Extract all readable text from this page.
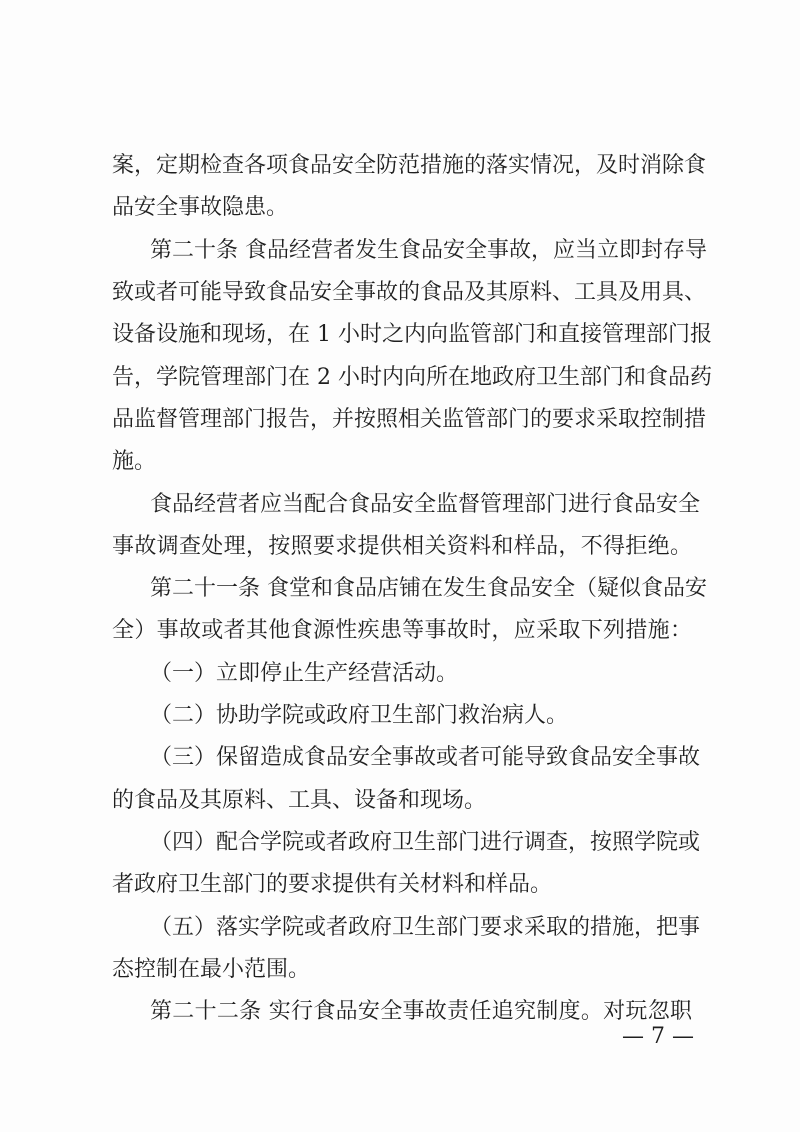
案，定期检查各项食品安全防范措施的落实情况，及时消除食
品安全事故隐患。
第二十条 食品经营者发生食品安全事故，应当立即封存导
致或者可能导致食品安全事故的食品及其原料、工具及用具、
设备设施和现场，在 1 小时之内向监管部门和直接管理部门报
告，学院管理部门在 2 小时内向所在地政府卫生部门和食品药
品监督管理部门报告，并按照相关监管部门的要求采取控制措
施。
食品经营者应当配合食品安全监督管理部门进行食品安全
事故调查处理，按照要求提供相关资料和样品，不得拒绝。
第二十一条 食堂和食品店铺在发生食品安全（疑似食品安
全）事故或者其他食源性疾患等事故时，应采取下列措施：
（一）立即停止生产经营活动。
（二）协助学院或政府卫生部门救治病人。
（三）保留造成食品安全事故或者可能导致食品安全事故
的食品及其原料、工具、设备和现场。
（四）配合学院或者政府卫生部门进行调查，按照学院或
者政府卫生部门的要求提供有关材料和样品。
（五）落实学院或者政府卫生部门要求采取的措施，把事
态控制在最小范围。
第二十二条 实行食品安全事故责任追究制度。对玩忽职
— 7 —
